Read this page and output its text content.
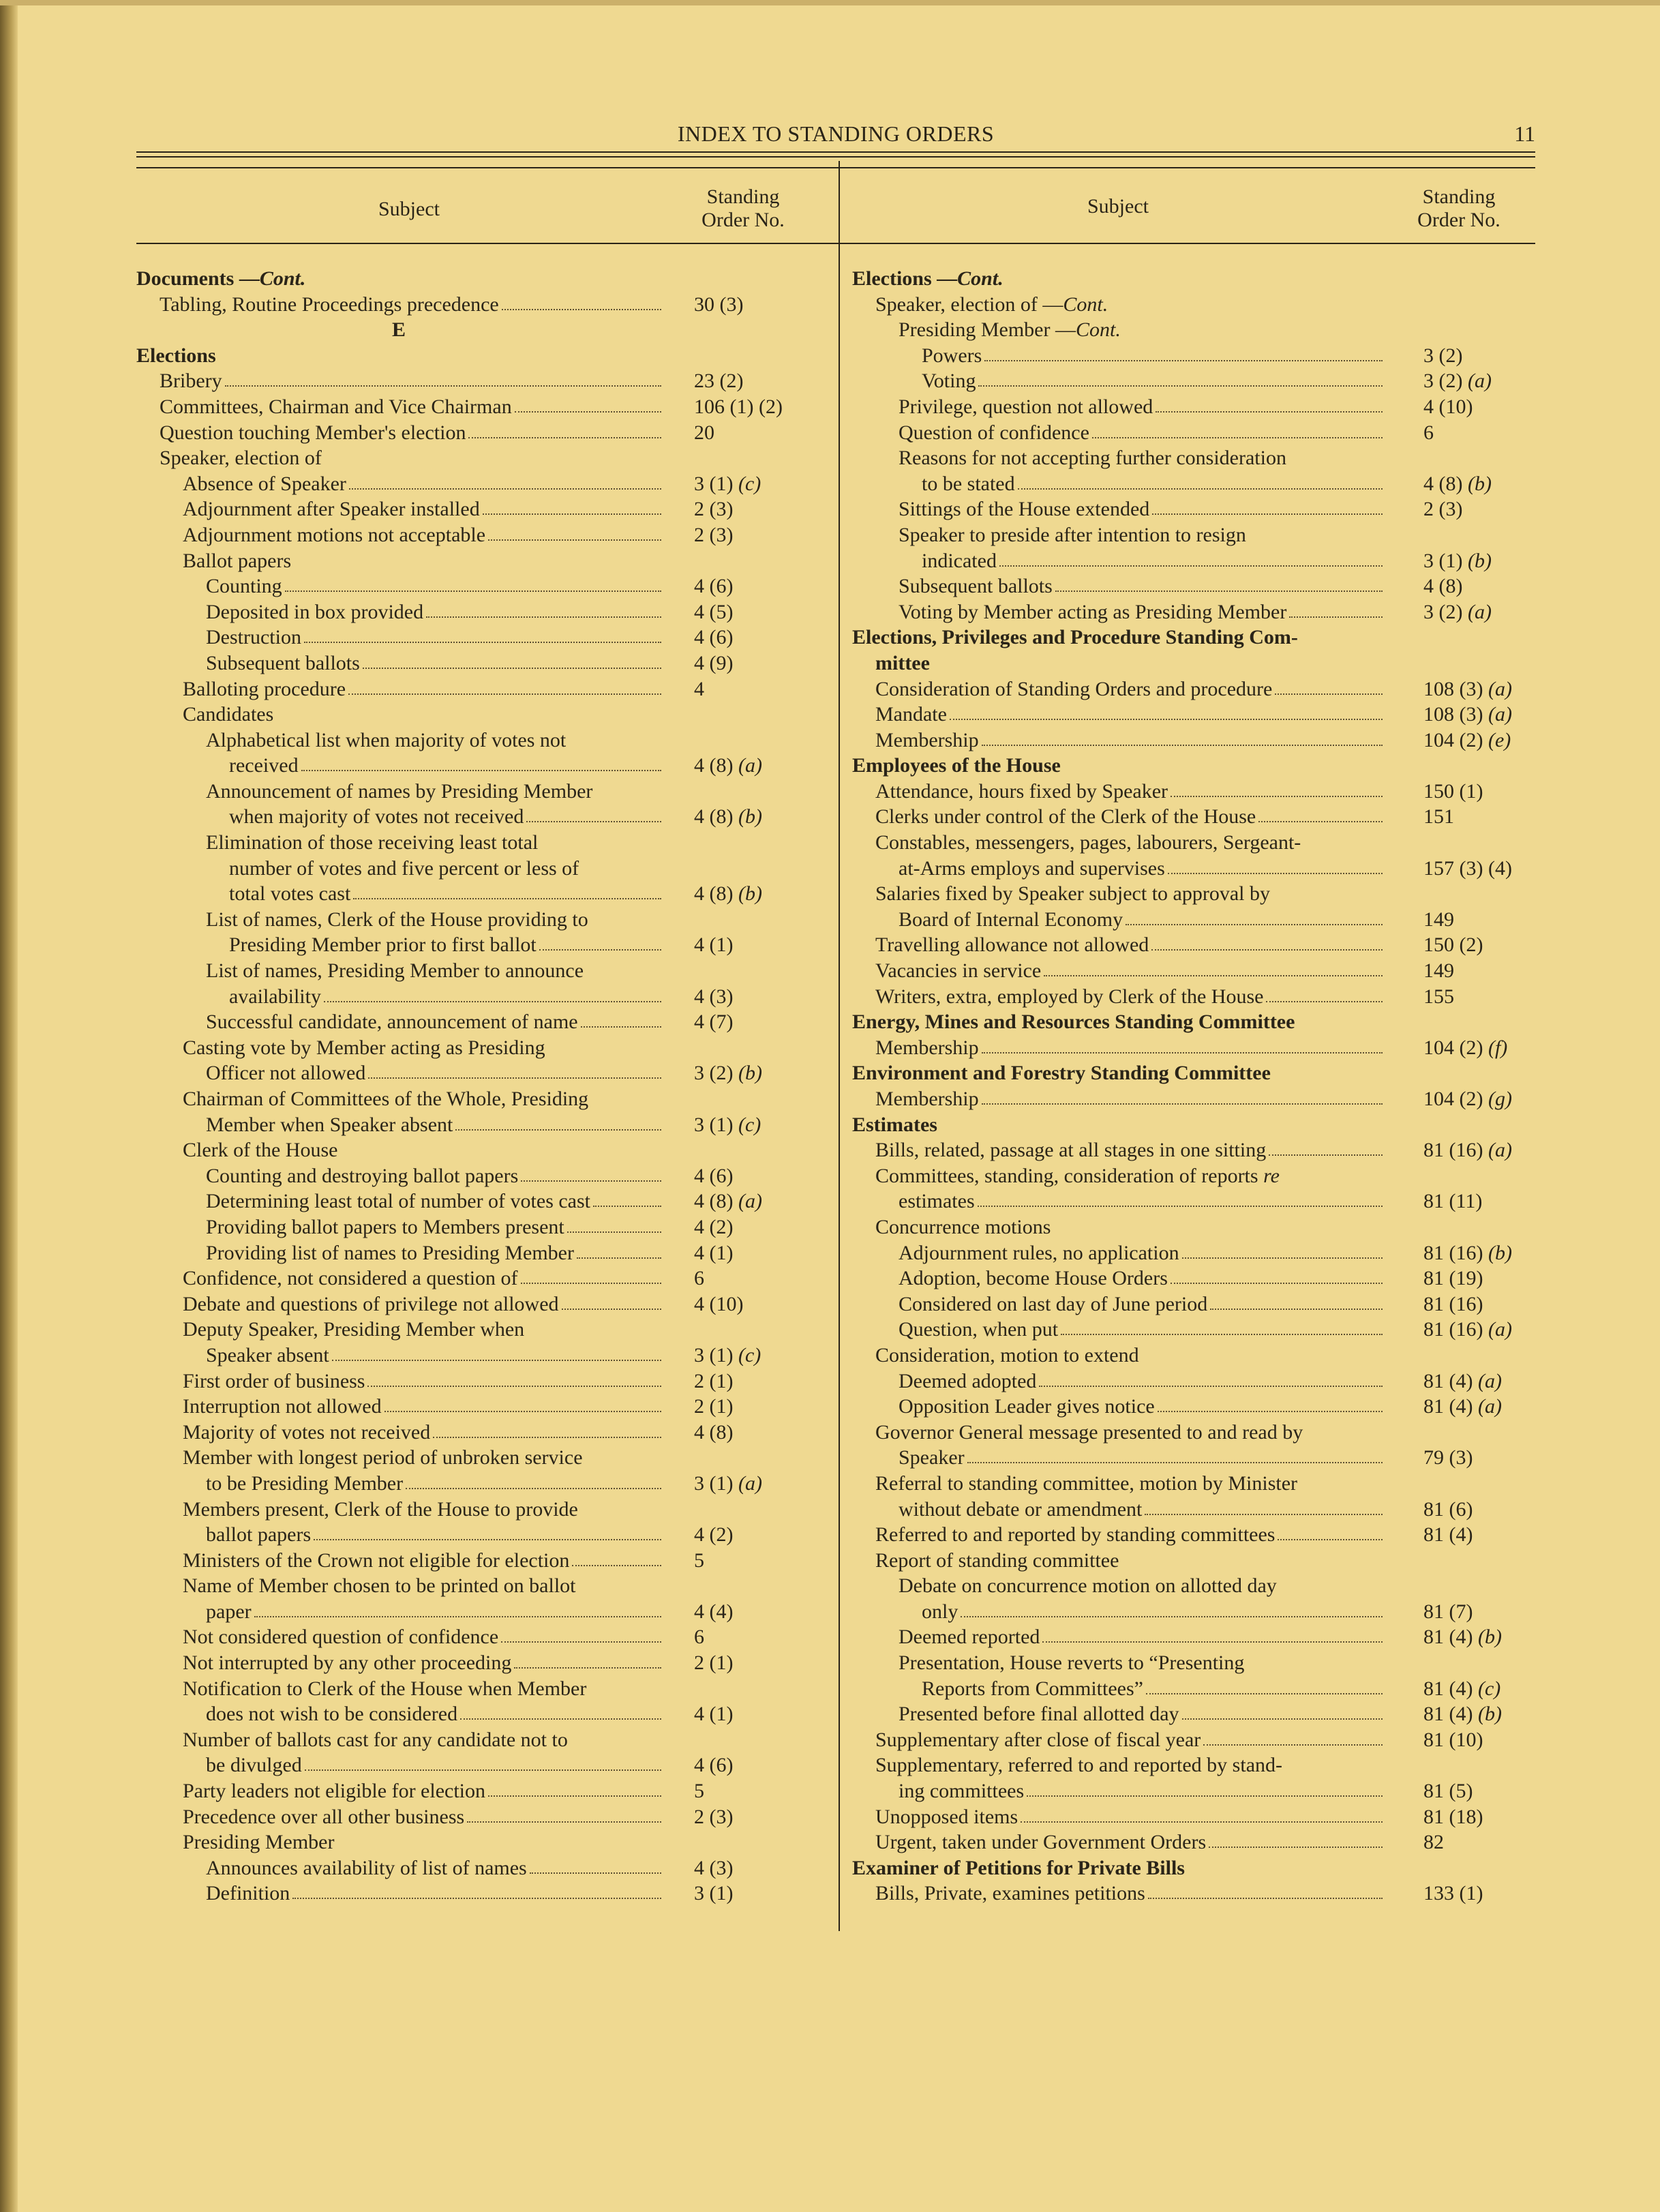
INDEX TO STANDING ORDERS	11
Subject
Standing
Order No.
Subject	Standing
Order No.
Documents —Cont.
Tabling, Routine Proceedings precedence	30 (3)
E
Elections
Bribery	23 (2)
Committees, Chairman and Vice Chairman	106 (1) (2)
Question touching Member's election	20
Speaker, election of
Absence of Speaker	3 (1) (c)
Adjournment after Speaker installed	2 (3)
Adjournment motions not acceptable	2 (3)
Ballot papers
Counting	4 (6)
Deposited in box provided	4 (5)
Destruction	4 (6)
Subsequent ballots	4 (9)
Balloting procedure	4
Candidates
Alphabetical list when majority of votes not
received	4 (8) (a)
Announcement of names by Presiding Member
when majority of votes not received	4 (8) (b)
Elimination of those receiving least total
number of votes and five percent or less of
total votes cast	4 (8) (b)
List of names, Clerk of the House providing to
Presiding Member prior to first ballot	4 (1)
List of names, Presiding Member to announce
availability	4 (3)
Successful candidate, announcement of name	4 (7)
Casting vote by Member acting as Presiding
Officer not allowed	3 (2) (b)
Chairman of Committees of the Whole, Presiding
Member when Speaker absent	3 (1) (c)
Clerk of the House
Counting and destroying ballot papers	4 (6)
Determining least total of number of votes cast	4 (8) (a)
Providing ballot papers to Members present	4 (2)
Providing list of names to Presiding Member	4 (1)
Confidence, not considered a question of	6
Debate and questions of privilege not allowed	4 (10)
Deputy Speaker, Presiding Member when
Speaker absent	3 (1) (c)
First order of business	2 (1)
Interruption not allowed	2 (1)
Majority of votes not received	4 (8)
Member with longest period of unbroken service
to be Presiding Member	3 (1) (a)
Members present, Clerk of the House to provide
ballot papers	4 (2)
Ministers of the Crown not eligible for election	5
Name of Member chosen to be printed on ballot
paper	4 (4)
Not considered question of confidence	6
Not interrupted by any other proceeding	2 (1)
Notification to Clerk of the House when Member
does not wish to be considered	4 (1)
Number of ballots cast for any candidate not to
be divulged	4 (6)
Party leaders not eligible for election	5
Precedence over all other business	2 (3)
Presiding Member
Announces availability of list of names	4 (3)
Definition	3 (1)
Elections —Cont.
Speaker, election of —Cont.
Presiding Member —Cont.
Powers	3 (2)
Voting	3 (2) (a)
Privilege, question not allowed	4 (10)
Question of confidence	6
Reasons for not accepting further consideration
to be stated	4 (8) (b)
Sittings of the House extended	2 (3)
Speaker to preside after intention to resign
indicated	3 (1) (b)
Subsequent ballots	4 (8)
Voting by Member acting as Presiding Member	3 (2) (a)
Elections, Privileges and Procedure Standing Com-
mittee
Consideration of Standing Orders and procedure	108 (3) (a)
Mandate	108 (3) (a)
Membership	104 (2) (e)
Employees of the House
Attendance, hours fixed by Speaker	150 (1)
Clerks under control of the Clerk of the House	151
Constables, messengers, pages, labourers, Sergeant-
at-Arms employs and supervises	157 (3) (4)
Salaries fixed by Speaker subject to approval by
Board of Internal Economy	149
Travelling allowance not allowed	150 (2)
Vacancies in service	149
Writers, extra, employed by Clerk of the House	155
Energy, Mines and Resources Standing Committee
Membership	104 (2) (f)
Environment and Forestry Standing Committee
Membership	104 (2) (g)
Estimates
Bills, related, passage at all stages in one sitting	81 (16) (a)
Committees, standing, consideration of reports re
estimates	81 (11)
Concurrence motions
Adjournment rules, no application	81 (16) (b)
Adoption, become House Orders	81 (19)
Considered on last day of June period	81 (16)
Question, when put	81 (16) (a)
Consideration, motion to extend
Deemed adopted	81 (4) (a)
Opposition Leader gives notice	81 (4) (a)
Governor General message presented to and read by
Speaker	79 (3)
Referral to standing committee, motion by Minister
without debate or amendment	81 (6)
Referred to and reported by standing committees	81 (4)
Report of standing committee
Debate on concurrence motion on allotted day
only	81 (7)
Deemed reported	81 (4) (b)
Presentation, House reverts to “Presenting
Reports from Committees”	81 (4) (c)
Presented before final allotted day	81 (4) (b)
Supplementary after close of fiscal year	81 (10)
Supplementary, referred to and reported by stand-
ing committees	81 (5)
Unopposed items	81 (18)
Urgent, taken under Government Orders	82
Examiner of Petitions for Private Bills
Bills, Private, examines petitions	133 (1)
